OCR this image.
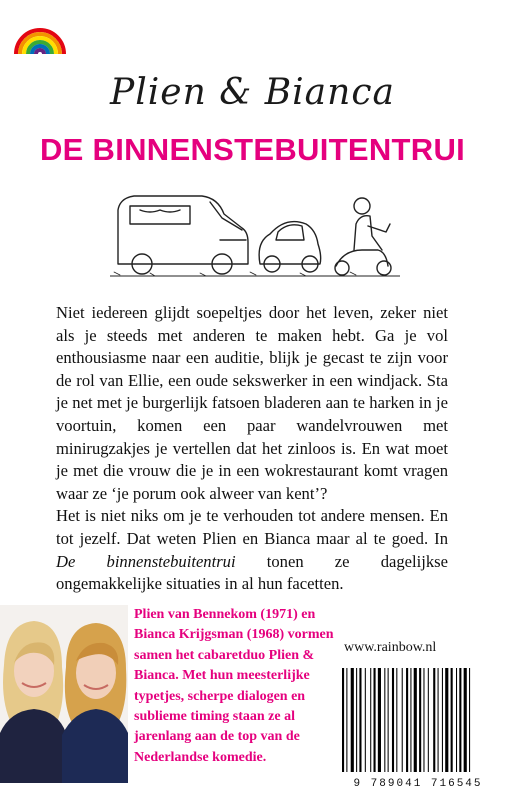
Plien & Bianca
DE BINNENSTEBUITENTRUI

Niet iedereen glijdt soepeltjes door het leven, zeker niet als je steeds met anderen te maken hebt. Ga je vol enthousiasme naar een auditie, blijk je gecast te zijn voor de rol van Ellie, een oude sekswerker in een windjack. Sta je net met je burgerlijk fatsoen bladeren aan te harken in je voortuin, komen een paar wandelvrouwen met minirugzakjes je vertellen dat het zinloos is. En wat moet je met die vrouw die je in een wokrestaurant komt vragen waar ze ‘je porum ook alweer van kent’?

Het is niet niks om je te verhouden tot andere mensen. En tot jezelf. Dat weten Plien en Bianca maar al te goed. In De binnenstebuitentrui tonen ze dagelijkse ongemakkelijke situaties in al hun facetten.

Plien van Bennekom (1971) en Bianca Krijgsman (1968) vormen samen het cabaretduo Plien & Bianca. Met hun meesterlijke typetjes, scherpe dialogen en sublieme timing staan ze al jarenlang aan de top van de Nederlandse komedie.
www.rainbow.nl
9 789041 716545
